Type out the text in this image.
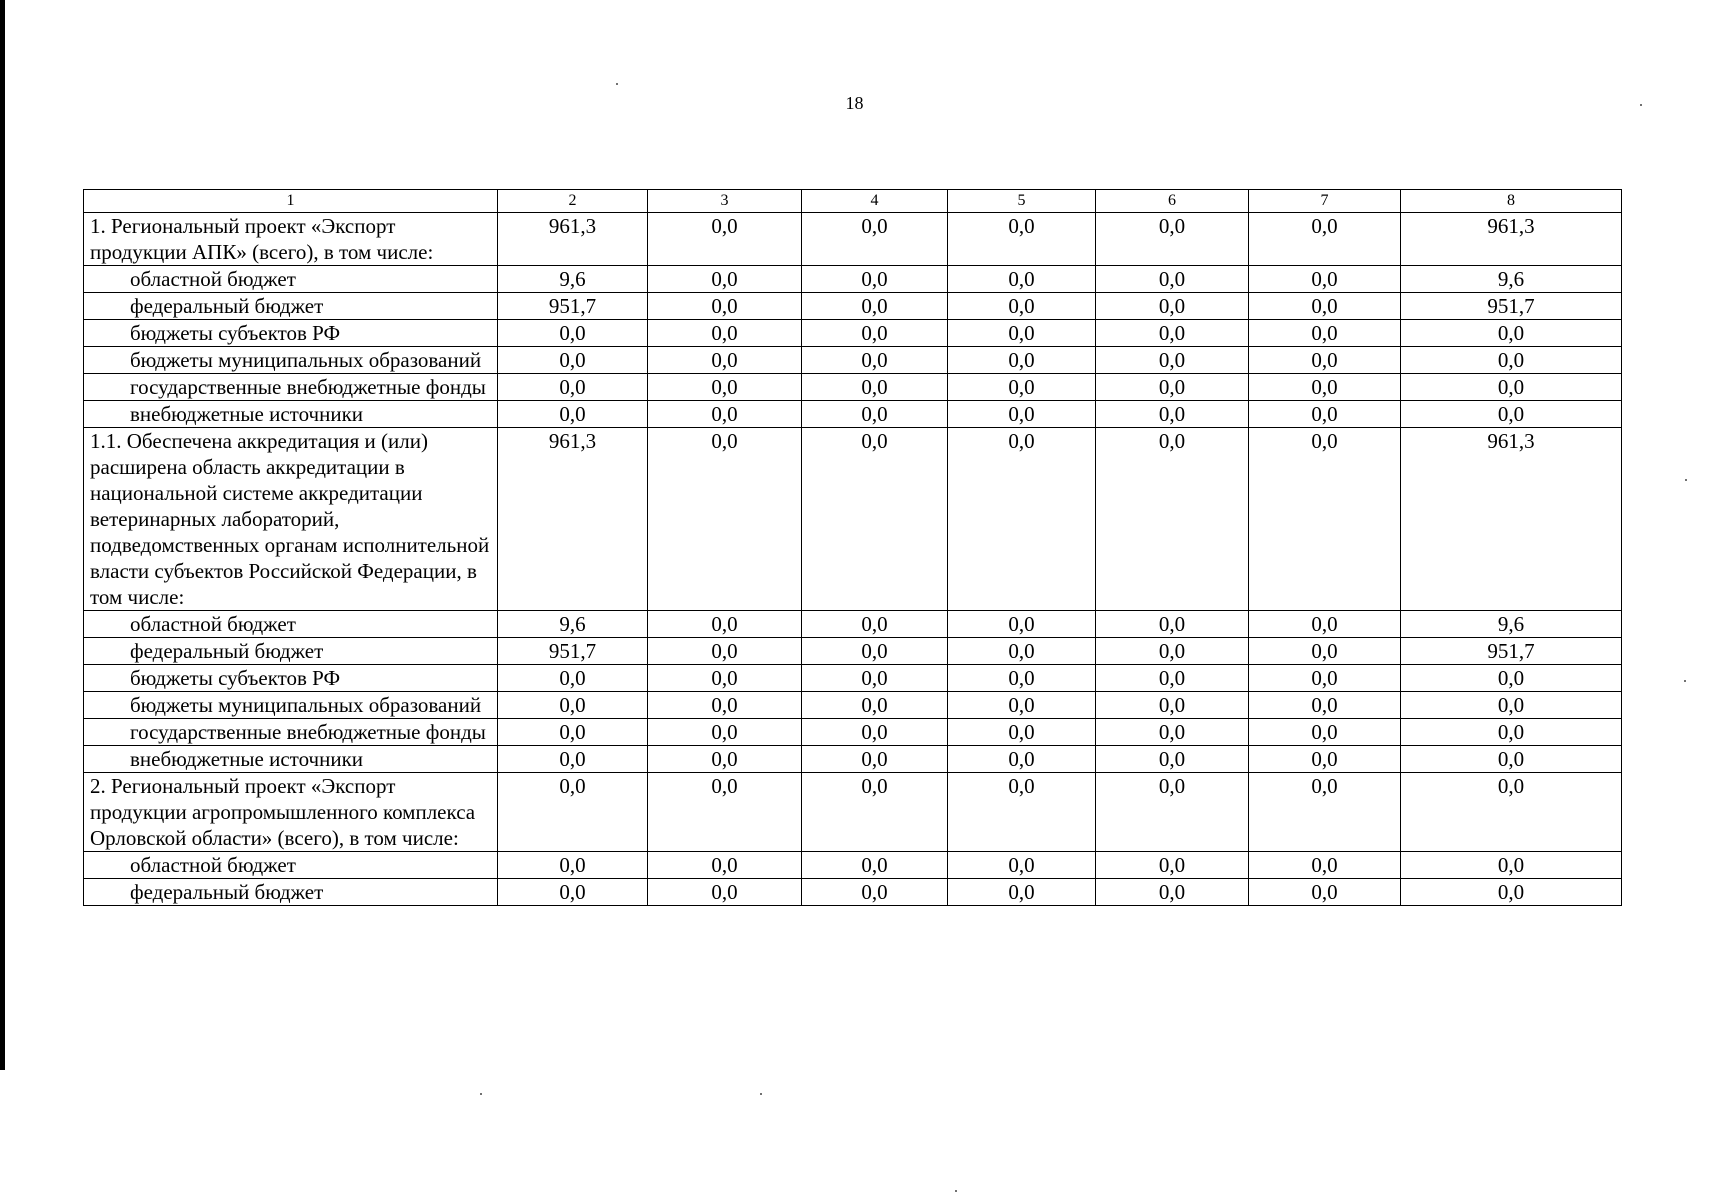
18
1	2	3	4	5	6	7	8
1. Региональный проект «Экспорт продукции АПК» (всего), в том числе:	961,3	0,0	0,0	0,0	0,0	0,0	961,3
областной бюджет	9,6	0,0	0,0	0,0	0,0	0,0	9,6
федеральный бюджет	951,7	0,0	0,0	0,0	0,0	0,0	951,7
бюджеты субъектов РФ	0,0	0,0	0,0	0,0	0,0	0,0	0,0
бюджеты муниципальных образований	0,0	0,0	0,0	0,0	0,0	0,0	0,0
государственные внебюджетные фонды	0,0	0,0	0,0	0,0	0,0	0,0	0,0
внебюджетные источники	0,0	0,0	0,0	0,0	0,0	0,0	0,0
1.1. Обеспечена аккредитация и (или) расширена область аккредитации в национальной системе аккредитации ветеринарных лабораторий, подведомственных органам исполнительной власти субъектов Российской Федерации, в том числе:	961,3	0,0	0,0	0,0	0,0	0,0	961,3
областной бюджет	9,6	0,0	0,0	0,0	0,0	0,0	9,6
федеральный бюджет	951,7	0,0	0,0	0,0	0,0	0,0	951,7
бюджеты субъектов РФ	0,0	0,0	0,0	0,0	0,0	0,0	0,0
бюджеты муниципальных образований	0,0	0,0	0,0	0,0	0,0	0,0	0,0
государственные внебюджетные фонды	0,0	0,0	0,0	0,0	0,0	0,0	0,0
внебюджетные источники	0,0	0,0	0,0	0,0	0,0	0,0	0,0
2. Региональный проект «Экспорт продукции агропромышленного комплекса Орловской области» (всего), в том числе:	0,0	0,0	0,0	0,0	0,0	0,0	0,0
областной бюджет	0,0	0,0	0,0	0,0	0,0	0,0	0,0
федеральный бюджет	0,0	0,0	0,0	0,0	0,0	0,0	0,0
